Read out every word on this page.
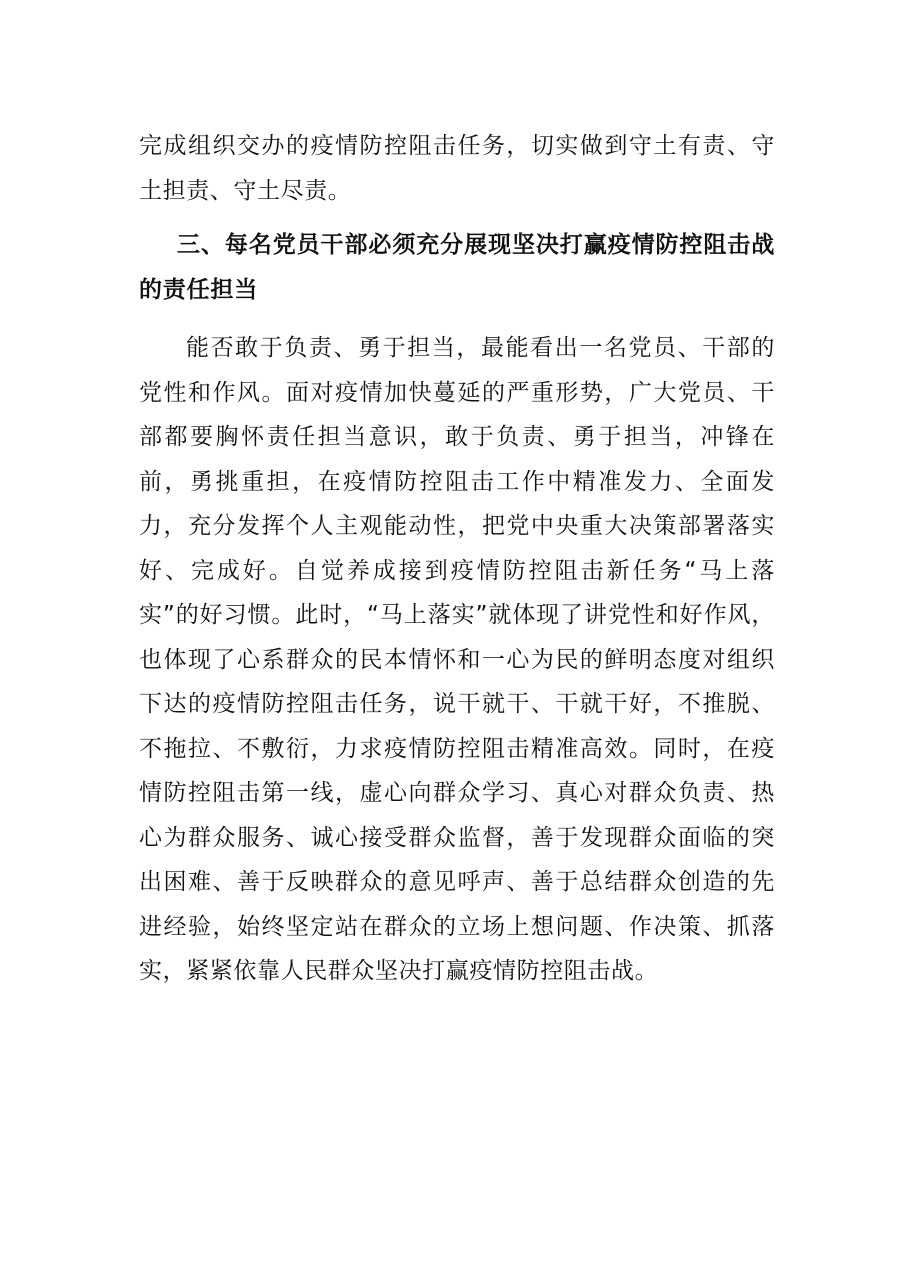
完成组织交办的疫情防控阻击任务，切实做到守土有责、守土担责、守土尽责。

三、每名党员干部必须充分展现坚决打赢疫情防控阻击战的责任担当

能否敢于负责、勇于担当，最能看出一名党员、干部的党性和作风。面对疫情加快蔓延的严重形势，广大党员、干部都要胸怀责任担当意识，敢于负责、勇于担当，冲锋在前，勇挑重担，在疫情防控阻击工作中精准发力、全面发力，充分发挥个人主观能动性，把党中央重大决策部署落实好、完成好。自觉养成接到疫情防控阻击新任务“马上落实”的好习惯。此时，“马上落实”就体现了讲党性和好作风，也体现了心系群众的民本情怀和一心为民的鲜明态度对组织下达的疫情防控阻击任务，说干就干、干就干好，不推脱、不拖拉、不敷衍，力求疫情防控阻击精准高效。同时，在疫情防控阻击第一线，虚心向群众学习、真心对群众负责、热心为群众服务、诚心接受群众监督，善于发现群众面临的突出困难、善于反映群众的意见呼声、善于总结群众创造的先进经验，始终坚定站在群众的立场上想问题、作决策、抓落实，紧紧依靠人民群众坚决打赢疫情防控阻击战。
